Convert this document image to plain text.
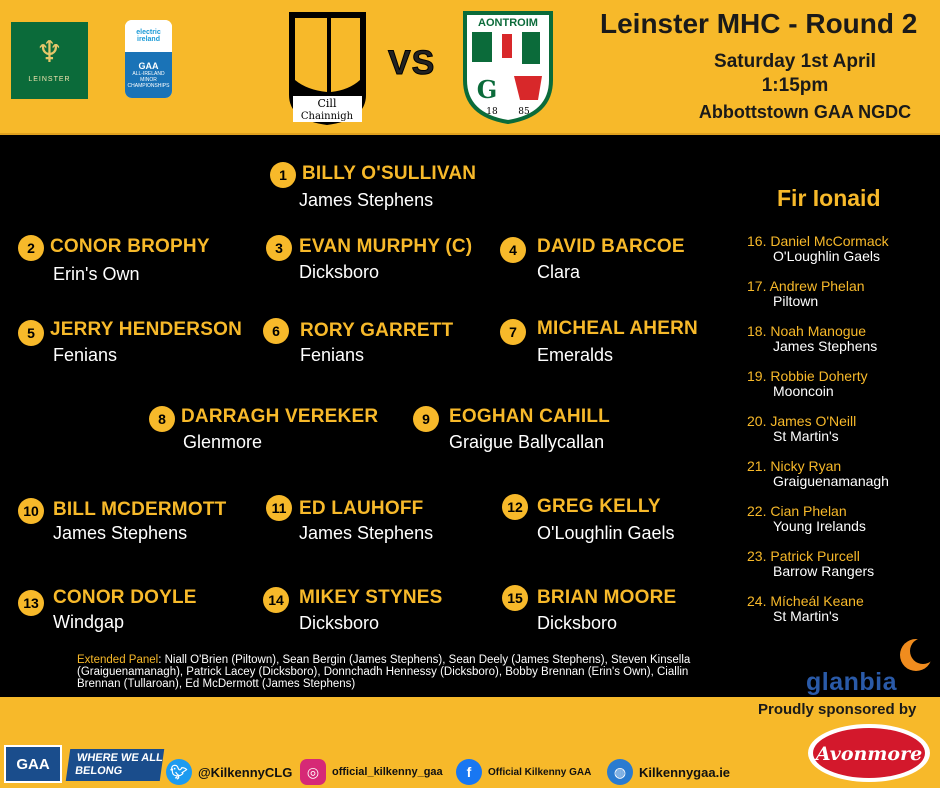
♆
LEINSTER
electric ireland
GAA
ALL-IRELAND MINOR CHAMPIONSHIPS
Cill
Chainnigh
VS
AONTROIM
G
18 85
Leinster MHC - Round 2
Saturday 1st April
1:15pm
Abbottstown GAA NGDC
1 BILLY O'SULLIVAN
James Stephens
2 CONOR BROPHY
Erin's Own
3 EVAN MURPHY (C)
Dicksboro
4	DAVID BARCOE
Clara
5 JERRY HENDERSON
Fenians
6	RORY GARRETT
Fenians
7	MICHEAL AHERN
Emeralds
8 DARRAGH VEREKER
Glenmore
9	EOGHAN CAHILL
Graigue Ballycallan
10 BILL MCDERMOTT
James Stephens
11 ED LAUHOFF
James Stephens
12 GREG KELLY
O'Loughlin Gaels
13 CONOR DOYLE
Windgap
14 MIKEY STYNES
Dicksboro
15 BRIAN MOORE
Dicksboro
Fir Ionaid
16. Daniel McCormack
O'Loughlin Gaels
17. Andrew Phelan
Piltown
18. Noah Manogue
James Stephens
19. Robbie Doherty
Mooncoin
20. James O'Neill
St Martin's
21. Nicky Ryan
Graiguenamanagh
22. Cian Phelan
Young Irelands
23. Patrick Purcell
Barrow Rangers
24. Mícheál Keane
St Martin's
Extended Panel: Niall O'Brien (Piltown), Sean Bergin (James Stephens), Sean Deely (James Stephens), Steven Kinsella (Graiguenamanagh), Patrick Lacey (Dicksboro), Donnchadh Hennessy (Dicksboro), Bobby Brennan (Erin's Own), Ciallin Brennan (Tullaroan), Ed McDermott (James Stephens)	glanbia
Proudly sponsored by
Avonmore
GAA	WHERE WE ALL BELONG	🐦︎ @KilkennyCLG	◎	official_kilkenny_gaa	f	Official Kilkenny GAA	◍ Kilkennygaa.ie
